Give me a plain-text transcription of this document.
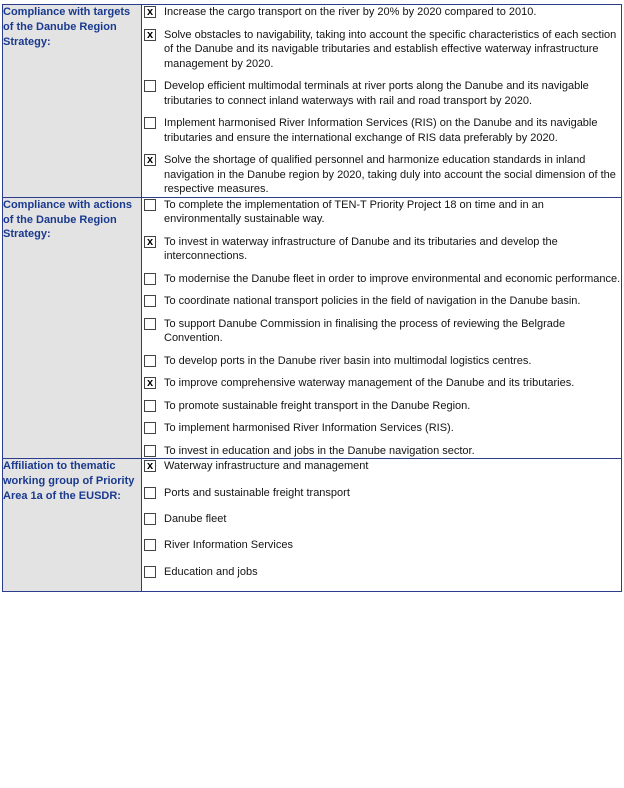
Compliance with targets of the Danube Region Strategy:	
x Increase the cargo transport on the river by 20% by 2020 compared to 2010.
x Solve obstacles to navigability, taking into account the specific characteristics of each section of the Danube and its navigable tributaries and establish effective waterway infrastructure management by 2020.
Develop efficient multimodal terminals at river ports along the Danube and its navigable tributaries to connect inland waterways with rail and road transport by 2020.
Implement harmonised River Information Services (RIS) on the Danube and its navigable tributaries and ensure the international exchange of RIS data preferably by 2020.
x Solve the shortage of qualified personnel and harmonize education standards in inland navigation in the Danube region by 2020, taking duly into account the social dimension of the respective measures.

Compliance with actions of the Danube Region Strategy:	
To complete the implementation of TEN-T Priority Project 18 on time and in an environmentally sustainable way.
x To invest in waterway infrastructure of Danube and its tributaries and develop the interconnections.
To modernise the Danube fleet in order to improve environmental and economic performance.
To coordinate national transport policies in the field of navigation in the Danube basin.
To support Danube Commission in finalising the process of reviewing the Belgrade Convention.
To develop ports in the Danube river basin into multimodal logistics centres.
x To improve comprehensive waterway management of the Danube and its tributaries.
To promote sustainable freight transport in the Danube Region.
To implement harmonised River Information Services (RIS).
To invest in education and jobs in the Danube navigation sector.

Affiliation to thematic working group of Priority Area 1a of the EUSDR:	
x Waterway infrastructure and management
Ports and sustainable freight transport
Danube fleet
River Information Services
Education and jobs
